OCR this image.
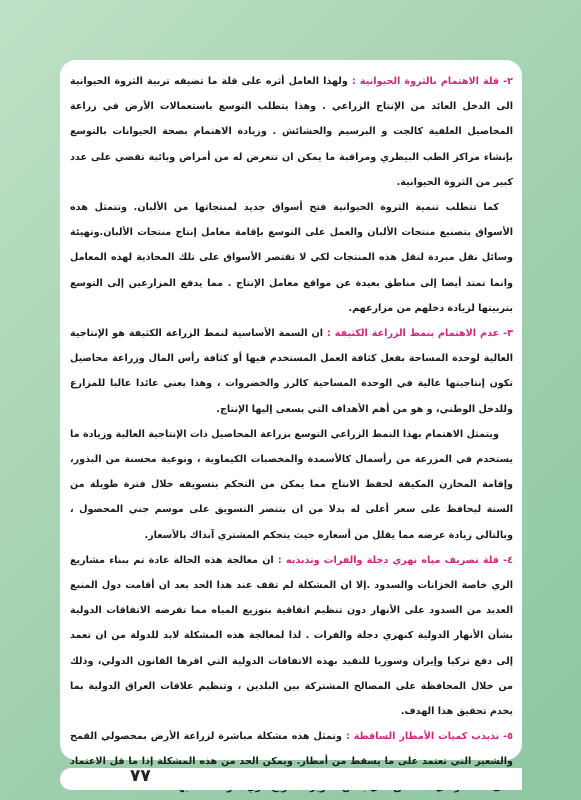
٢- قلة الاهتمام بالثروة الحيوانية : ولهذا العامل أثره على قلة ما تضيفه تربية الثروة الحيوانية الى الدخل العائد من الإنتاج الزراعي . وهذا يتطلب التوسع باستعمالات الأرض في زراعة المحاصيل العلفية كالجت و البرسيم والحشائش . وزيادة الاهتمام بصحة الحيوانات بالتوسع بإنشاء مراكز الطب البيطري ومراقبة ما يمكن ان تتعرض له من أمراض وبائية تقضي على عدد كبير من الثروة الحيوانية.

كما تتطلب تنمية الثروة الحيوانية فتح أسواق جديد لمنتجاتها من الألبان. وتتمثل هذه الأسواق بتصنيع منتجات الألبان والعمل على التوسع بإقامة معامل إنتاج منتجات الألبان.وتهيئة وسائل نقل مبردة لنقل هذه المنتجات لكي لا تقتصر الأسواق على تلك المحاذية لهذه المعامل وانما تمتد أيضا إلى مناطق بعيدة عن مواقع معامل الإنتاج . مما يدفع المزارعين إلى التوسع بتربيتها لزيادة دخلهم من مزارعهم.

٣- عدم الاهتمام بنمط الزراعة الكثيفة : ان السمة الأساسية لنمط الزراعة الكثيفة هو الإنتاجية العالية لوحدة المساحة بفعل كثافة العمل المستخدم فيها أو كثافة رأس المال وزراعة محاصيل تكون إنتاجيتها عالية في الوحدة المساحية كالرز والخضروات ، وهذا يعني عائدا عاليا للمزارع وللدخل الوطني، و هو من أهم الأهداف التي يسعى إليها الإنتاج.

ويتمثل الاهتمام بهذا النمط الزراعي التوسع بزراعة المحاصيل ذات الإنتاجية العالية وزيادة ما يستخدم في المزرعة من رأسمال كالأسمدة والمخصبات الكيماوية ، ونوعية محسنة من البذور، وإقامة المخازن المكيفة لحفظ الانتاج مما يمكن من التحكم بتسويقه خلال فترة طويلة من السنة ليحافظ على سعر أعلى له بدلا من ان يتتصر التسويق على موسم جني المحصول ، وبالتالي زيادة عرضه مما يقلل من أسعاره حيث يتحكم المشتري آنذاك بالأسعار.

٤- قلة تصريف مياه نهري دجلة والفرات وتذبذبه : ان معالجة هذه الحالة عادة تم ببناء مشاريع الري خاصة الخزانات والسدود .إلا ان المشكلة لم تقف عند هذا الحد بعد ان أقامت دول المنبع العديد من السدود على الأنهار دون تنظيم اتفاقية بتوزيع المياه مما تفرضه الاتفاقات الدولية بشأن الأنهار الدولية كنهري دجلة والفرات . لذا لمعالجة هذه المشكلة لابد للدولة من ان تعمد إلى دفع تركيا وإيران وسوريا للتقيد بهذه الاتفاقات الدولية التي اقرها القانون الدولي، وذلك من خلال المحافظة على المصالح المشتركة بين البلدين ، وتنظيم علاقات العراق الدولية بما يخدم تحقيق هذا الهدف.

٥- تذبذب كميات الأمطار الساقطة : وتمثل هذه مشكلة مباشرة لزراعة الأرض بمحصولي القمح والشعير التي تعتمد على ما يسقط من أمطار. ويمكن الحد من هذه المشكلة إذا ما قل الاعتماد

٧٧
